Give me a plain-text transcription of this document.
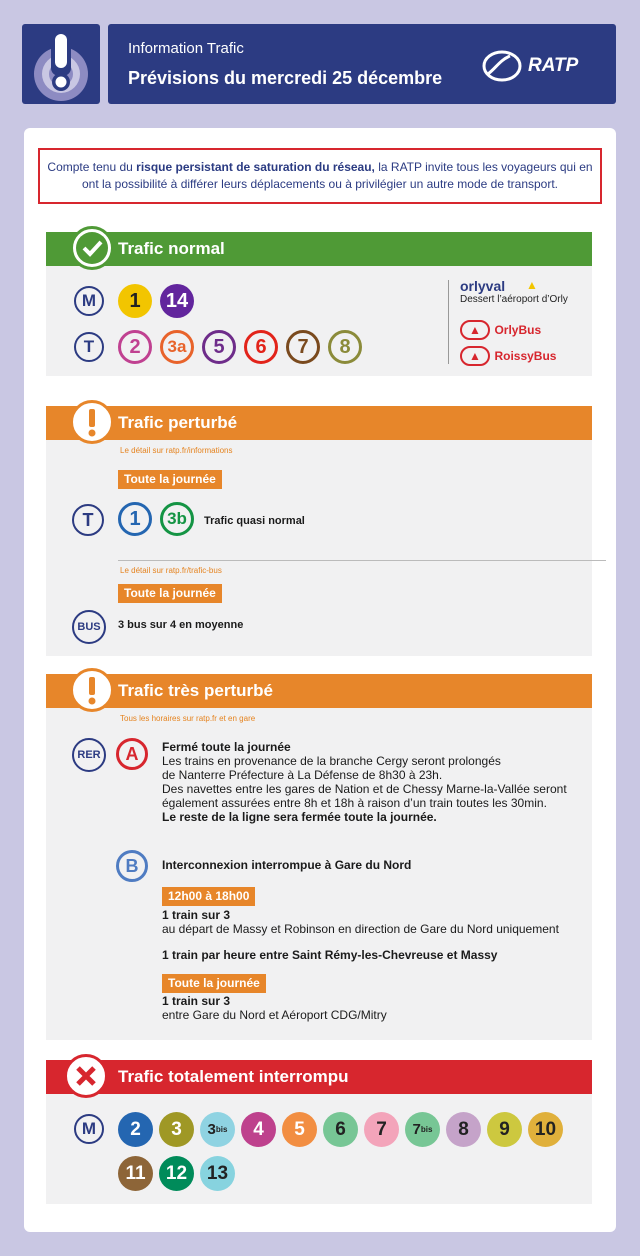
Information Trafic
Prévisions du mercredi 25 décembre
RATP
Compte tenu du risque persistant de saturation du réseau, la RATP invite tous les voyageurs qui en ont la possibilité à différer leurs déplacements ou à privilégier un autre mode de transport.
Trafic normal
M 1 14
T 2 3a 5 6 7 8
orlyval ▲
Dessert l’aéroport d’Orly
▲ OrlyBus
▲ RoissyBus
Trafic perturbé
Le détail sur ratp.fr/informations
Toute la journée
T 1 3b Trafic quasi normal
Le détail sur ratp.fr/trafic-bus
Toute la journée
BUS 3 bus sur 4 en moyenne
Trafic très perturbé
Tous les horaires sur ratp.fr et en gare
RER A Fermé toute la journée
Les trains en provenance de la branche Cergy seront prolongés
de Nanterre Préfecture à La Défense de 8h30 à 23h.
Des navettes entre les gares de Nation et de Chessy Marne-la-Vallée seront
également assurées entre 8h et 18h à raison d’un train toutes les 30min.
Le reste de la ligne sera fermée toute la journée.
B Interconnexion interrompue à Gare du Nord
12h00 à 18h00
1 train sur 3
au départ de Massy et Robinson en direction de Gare du Nord uniquement
1 train par heure entre Saint Rémy-les-Chevreuse et Massy
Toute la journée
1 train sur 3
entre Gare du Nord et Aéroport CDG/Mitry
Trafic totalement interrompu
M 2 3 3 bis 4 5 6 7 7 bis 8 9 10
11 12 13
